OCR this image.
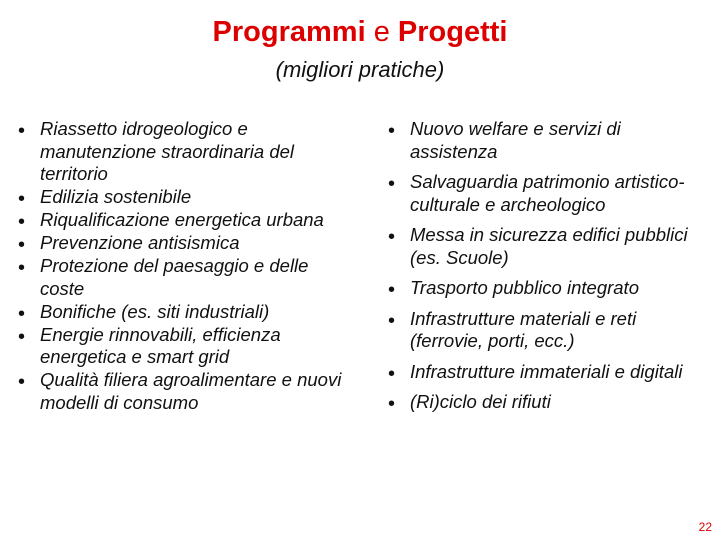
Programmi e Progetti
(migliori pratiche)
• Riassetto idrogeologico e manutenzione straordinaria del territorio
• Edilizia sostenibile
• Riqualificazione energetica urbana
• Prevenzione antisismica
• Protezione del paesaggio e delle coste
• Bonifiche (es. siti industriali)
• Energie rinnovabili, efficienza energetica e smart grid
• Qualità filiera agroalimentare e nuovi modelli di consumo
• Nuovo welfare e servizi di assistenza
• Salvaguardia patrimonio artistico-culturale e archeologico
• Messa in sicurezza edifici pubblici (es. Scuole)
• Trasporto pubblico integrato
• Infrastrutture materiali e reti (ferrovie, porti, ecc.)
• Infrastrutture immateriali e digitali
• (Ri)ciclo dei rifiuti
22
